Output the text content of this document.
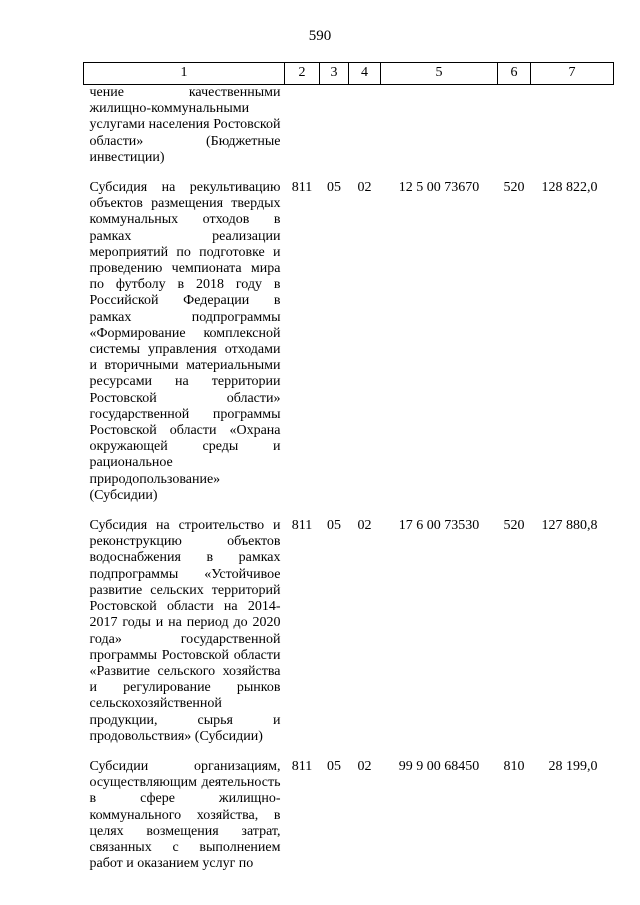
590
1	2	3	4	5	6	7
чение качественными жилищно-коммунальными услугами населения Ростовской области» (Бюджетные инвестиции)						
Субсидия на рекультивацию объектов размещения твердых коммунальных отходов в рамках реализации мероприятий по подготовке и проведению чемпионата мира по футболу в 2018 году в Российской Федерации в рамках подпрограммы «Формирование комплексной системы управления отходами и вторичными материальными ресурсами на территории Ростовской области» государственной программы Ростовской области «Охрана окружающей среды и рациональное природопользование» (Субсидии)	811	05	02	12 5 00 73670	520	128 822,0
Субсидия на строительство и реконструкцию объектов водоснабжения в рамках подпрограммы «Устойчивое развитие сельских территорий Ростовской области на 2014-2017 годы и на период до 2020 года» государственной программы Ростовской области «Развитие сельского хозяйства и регулирование рынков сельскохозяйственной продукции, сырья и продовольствия» (Субсидии)	811	05	02	17 6 00 73530	520	127 880,8
Субсидии организациям, осуществляющим деятельность в сфере жилищно-коммунального хозяйства, в целях возмещения затрат, связанных с выполнением работ и оказанием услуг по	811	05	02	99 9 00 68450	810	28 199,0
